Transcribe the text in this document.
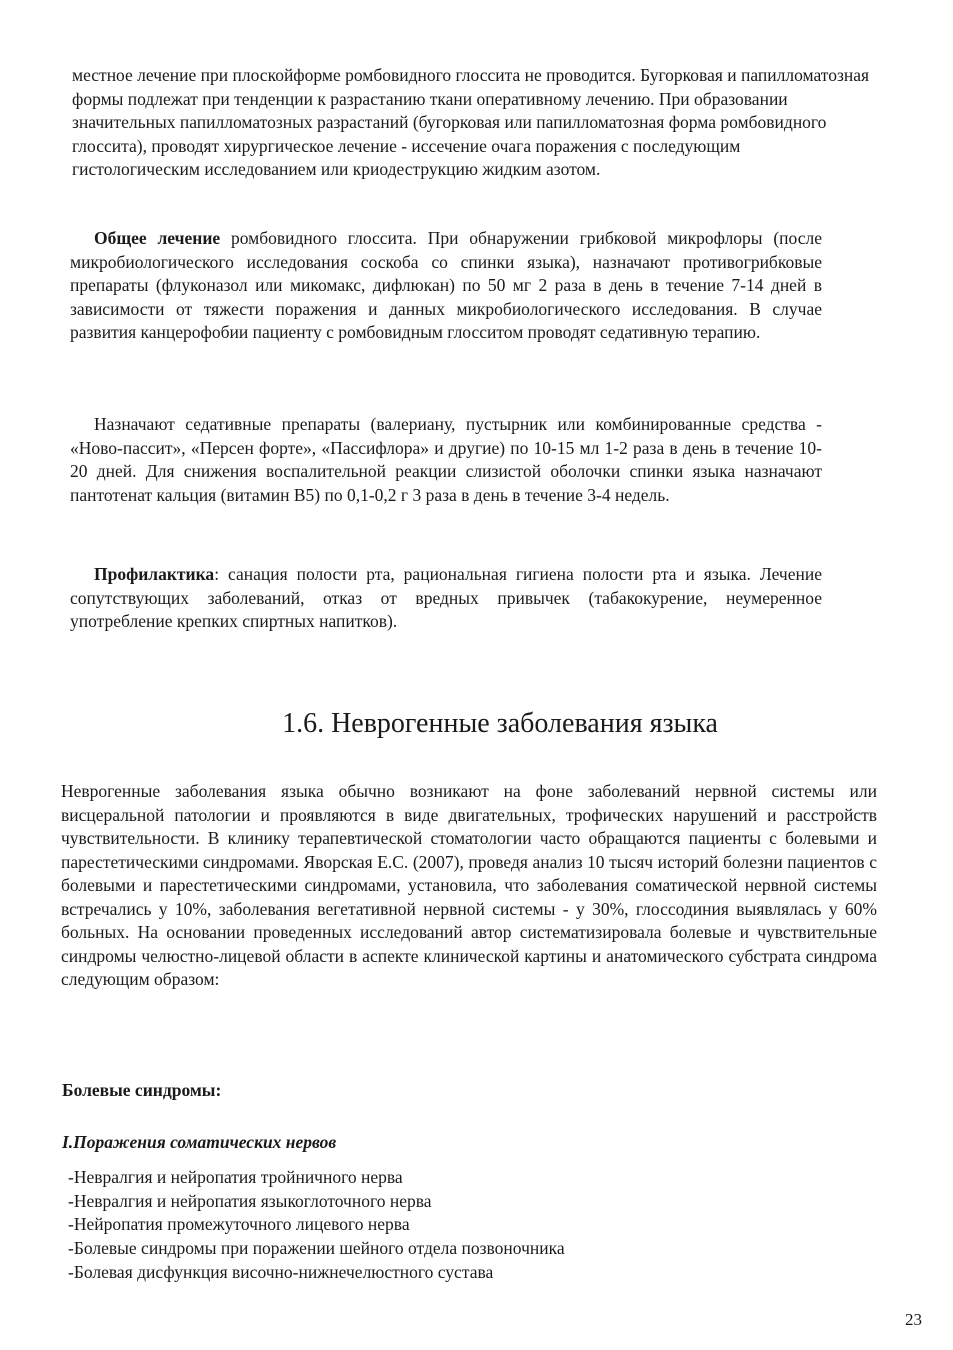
местное лечение при плоскойформе ромбовидного глоссита не проводится. Бугорковая и папилломатозная формы подлежат при тенденции к разрастанию ткани оперативному лечению. При образовании значительных папилломатозных разрастаний (бугорковая или папилломатозная форма ромбовидного глоссита), проводят хирургическое лечение - иссечение очага поражения с последующим гистологическим исследованием или криодеструкцию жидким азотом.

Общее лечение ромбовидного глоссита. При обнаружении грибковой микрофлоры (после микробиологического исследования соскоба со спинки языка), назначают противогрибковые препараты (флуконазол или микомакс, дифлюкан) по 50 мг 2 раза в день в течение 7-14 дней в зависимости от тяжести поражения и данных микробиологического исследования. В случае развития канцерофобии пациенту с ромбовидным глосситом проводят седативную терапию.

Назначают седативные препараты (валериану, пустырник или комбинированные средства - «Ново-пассит», «Персен форте», «Пассифлора» и другие) по 10-15 мл 1-2 раза в день в течение 10-20 дней. Для снижения воспалительной реакции слизистой оболочки спинки языка назначают пантотенат кальция (витамин В5) по 0,1-0,2 г 3 раза в день в течение 3-4 недель.

Профилактика: санация полости рта, рациональная гигиена полости рта и языка. Лечение сопутствующих заболеваний, отказ от вредных привычек (табакокурение, неумеренное употребление крепких спиртных напитков).

1.6. Неврогенные заболевания языка

Неврогенные заболевания языка обычно возникают на фоне заболеваний нервной системы или висцеральной патологии и проявляются в виде двигательных, трофических нарушений и расстройств чувствительности. В клинику терапевтической стоматологии часто обращаются пациенты с болевыми и парестетическими синдромами. Яворская Е.С. (2007), проведя анализ 10 тысяч историй болезни пациентов с болевыми и парестетическими синдромами, установила, что заболевания соматической нервной системы встречались у 10%, заболевания вегетативной нервной системы - у 30%, глоссодиния выявлялась у 60% больных. На основании проведенных исследований автор систематизировала болевые и чувствительные синдромы челюстно-лицевой области в аспекте клинической картины и анатомического субстрата синдрома следующим образом:

Болевые синдромы:

I.Поражения соматических нервов

-Невралгия и нейропатия тройничного нерва
-Невралгия и нейропатия языкоглоточного нерва
-Нейропатия промежуточного лицевого нерва
-Болевые синдромы при поражении шейного отдела позвоночника
-Болевая дисфункция височно-нижнечелюстного сустава
23
